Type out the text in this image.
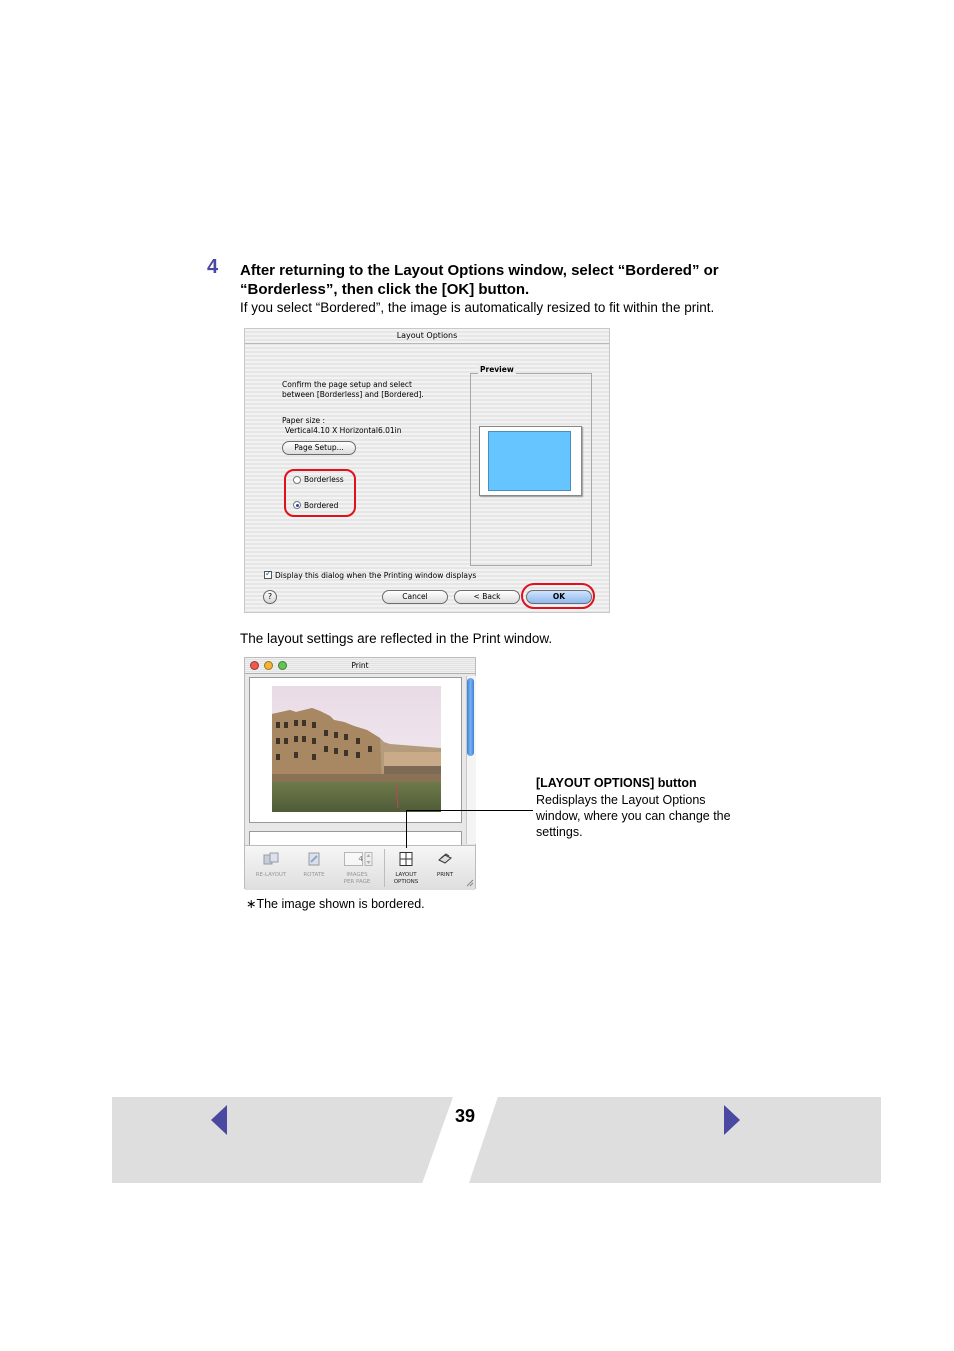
4 After returning to the Layout Options window, select “Bordered” or “Borderless”, then click the [OK] button.
If you select “Bordered”, the image is automatically resized to fit within the print.
Layout Options
Confirm the page setup and select
between [Borderless] and [Bordered].
Paper size :
Vertical4.10 X Horizontal6.01in
Page Setup...
Borderless
Bordered
Preview
✓
Display this dialog when the Printing window displays
?	Cancel	< Back	OK
The layout settings are reflected in the Print window.
Print
RE-LAYOUT	ROTATE
4
IMAGES
PER PAGE
LAYOUT
OPTIONS
PRINT
[LAYOUT OPTIONS] button
Redisplays the Layout Options window, where you can change the settings.
∗The image shown is bordered.
39
